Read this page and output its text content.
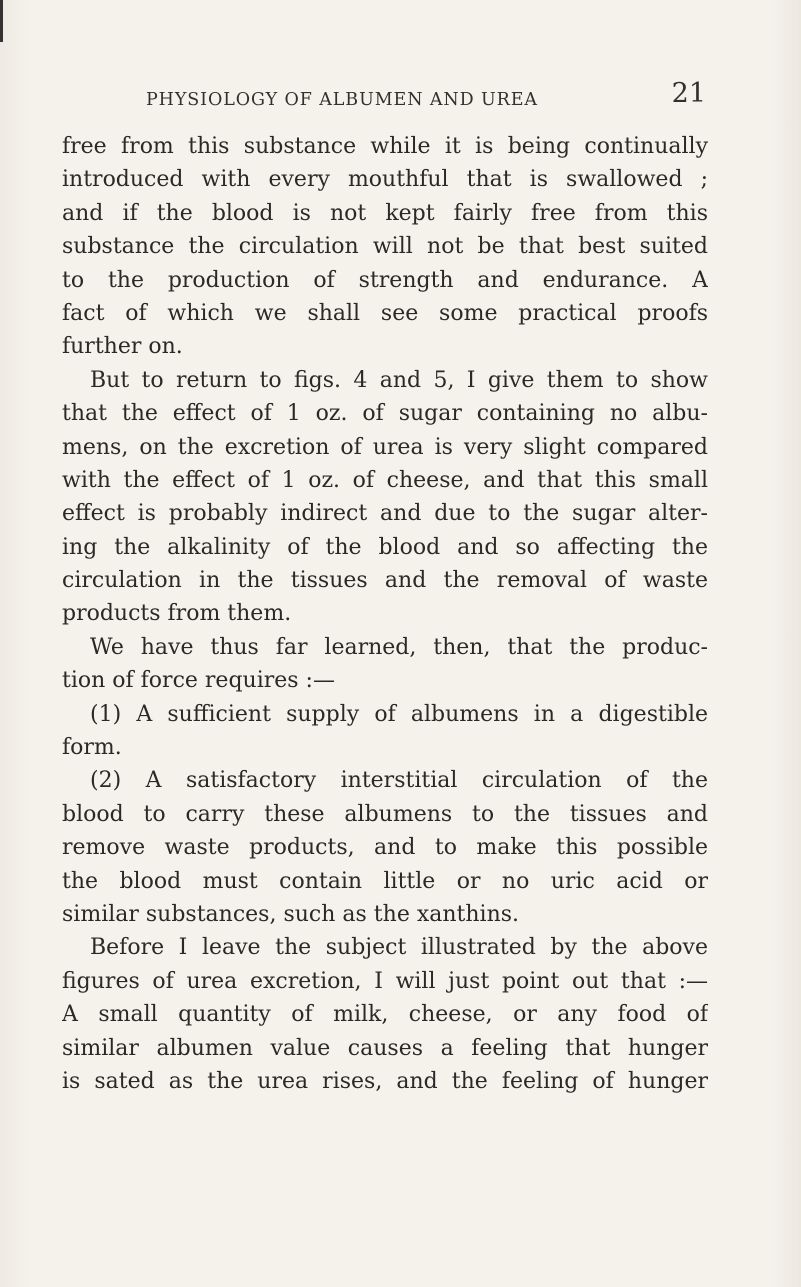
PHYSIOLOGY OF ALBUMEN AND UREA	21
free from this substance while it is being continually
introduced with every mouthful that is swallowed ;
and if the blood is not kept fairly free from this
substance the circulation will not be that best suited
to the production of strength and endurance. A
fact of which we shall see some practical proofs
further on.
But to return to figs. 4 and 5, I give them to show
that the effect of 1 oz. of sugar containing no albu-
mens, on the excretion of urea is very slight compared
with the effect of 1 oz. of cheese, and that this small
effect is probably indirect and due to the sugar alter-
ing the alkalinity of the blood and so affecting the
circulation in the tissues and the removal of waste
products from them.
We have thus far learned, then, that the produc-
tion of force requires :—
(1) A sufficient supply of albumens in a digestible
form.
(2) A satisfactory interstitial circulation of the
blood to carry these albumens to the tissues and
remove waste products, and to make this possible
the blood must contain little or no uric acid or
similar substances, such as the xanthins.
Before I leave the subject illustrated by the above
figures of urea excretion, I will just point out that :—
A small quantity of milk, cheese, or any food of
similar albumen value causes a feeling that hunger
is sated as the urea rises, and the feeling of hunger
